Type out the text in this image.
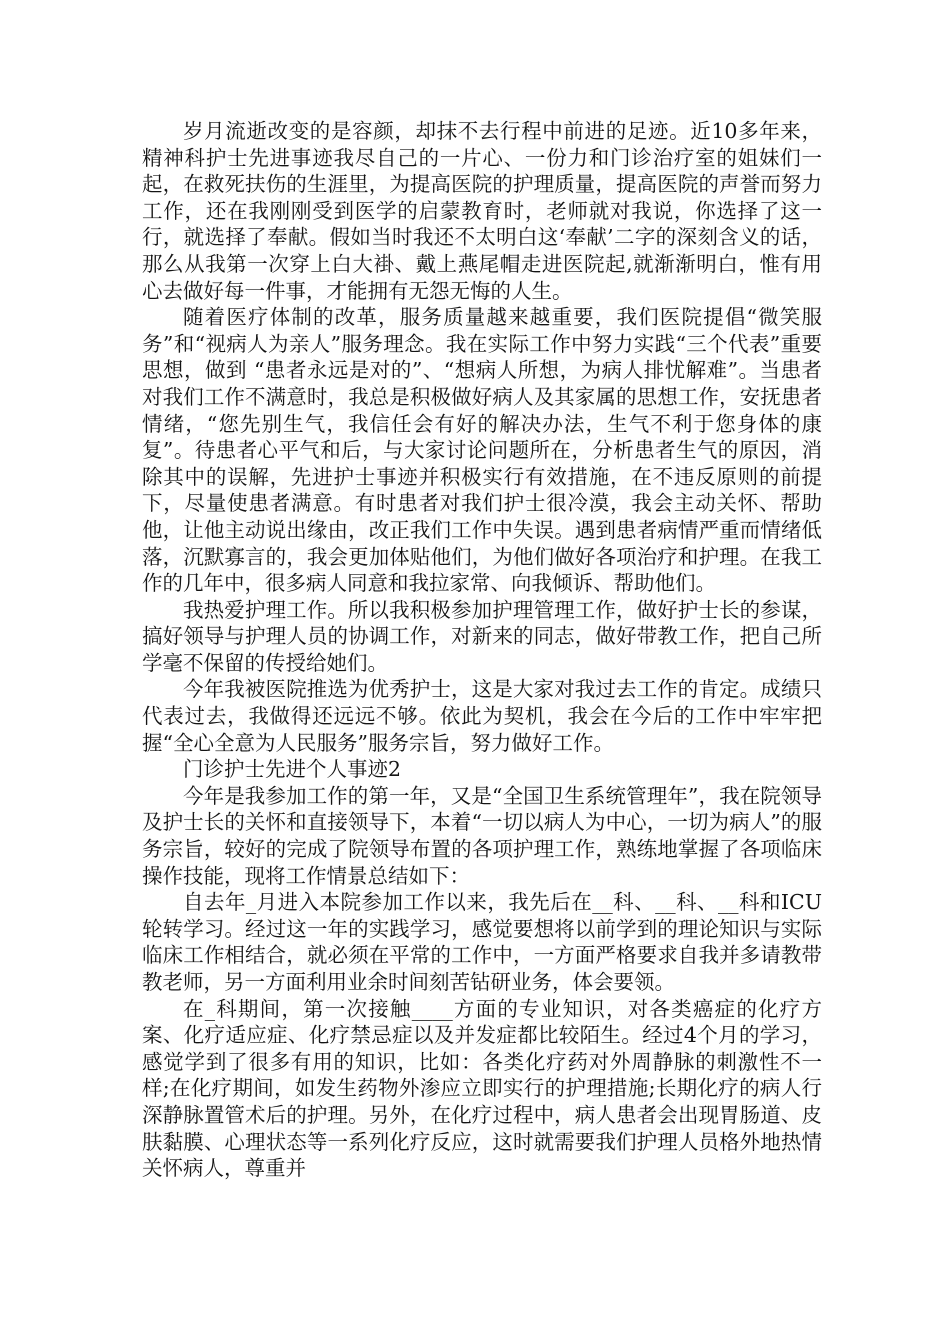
岁月流逝改变的是容颜，却抹不去行程中前进的足迹。近10多年来，精神科护士先进事迹我尽自己的一片心、一份力和门诊治疗室的姐妹们一起，在救死扶伤的生涯里，为提高医院的护理质量，提高医院的声誉而努力工作，还在我刚刚受到医学的启蒙教育时，老师就对我说，你选择了这一行，就选择了奉献。假如当时我还不太明白这‘奉献’二字的深刻含义的话，那么从我第一次穿上白大褂、戴上燕尾帽走进医院起,就渐渐明白，惟有用心去做好每一件事，才能拥有无怨无悔的人生。

随着医疗体制的改革，服务质量越来越重要，我们医院提倡“微笑服务”和“视病人为亲人”服务理念。我在实际工作中努力实践“三个代表”重要思想，做到 “患者永远是对的”、“想病人所想，为病人排忧解难”。当患者对我们工作不满意时，我总是积极做好病人及其家属的思想工作，安抚患者情绪，“您先别生气，我信任会有好的解决办法，生气不利于您身体的康复”。待患者心平气和后，与大家讨论问题所在，分析患者生气的原因，消除其中的误解，先进护士事迹并积极实行有效措施，在不违反原则的前提下，尽量使患者满意。有时患者对我们护士很冷漠，我会主动关怀、帮助他，让他主动说出缘由，改正我们工作中失误。遇到患者病情严重而情绪低落，沉默寡言的，我会更加体贴他们，为他们做好各项治疗和护理。在我工作的几年中，很多病人同意和我拉家常、向我倾诉、帮助他们。

我热爱护理工作。所以我积极参加护理管理工作，做好护士长的参谋，搞好领导与护理人员的协调工作，对新来的同志，做好带教工作，把自己所学毫不保留的传授给她们。

今年我被医院推选为优秀护士，这是大家对我过去工作的肯定。成绩只代表过去，我做得还远远不够。依此为契机，我会在今后的工作中牢牢把握“全心全意为人民服务”服务宗旨，努力做好工作。

门诊护士先进个人事迹2

今年是我参加工作的第一年，又是“全国卫生系统管理年”，我在院领导及护士长的关怀和直接领导下，本着“一切以病人为中心，一切为病人”的服务宗旨，较好的完成了院领导布置的各项护理工作，熟练地掌握了各项临床操作技能，现将工作情景总结如下：

自去年_月进入本院参加工作以来，我先后在__科、__科、__科和ICU轮转学习。经过这一年的实践学习，感觉要想将以前学到的理论知识与实际临床工作相结合，就必须在平常的工作中，一方面严格要求自我并多请教带教老师，另一方面利用业余时间刻苦钻研业务，体会要领。

在_科期间，第一次接触____方面的专业知识，对各类癌症的化疗方案、化疗适应症、化疗禁忌症以及并发症都比较陌生。经过4个月的学习，感觉学到了很多有用的知识，比如：各类化疗药对外周静脉的刺激性不一样;在化疗期间，如发生药物外渗应立即实行的护理措施;长期化疗的病人行深静脉置管术后的护理。另外，在化疗过程中，病人患者会出现胃肠道、皮肤黏膜、心理状态等一系列化疗反应，这时就需要我们护理人员格外地热情关怀病人，尊重并
